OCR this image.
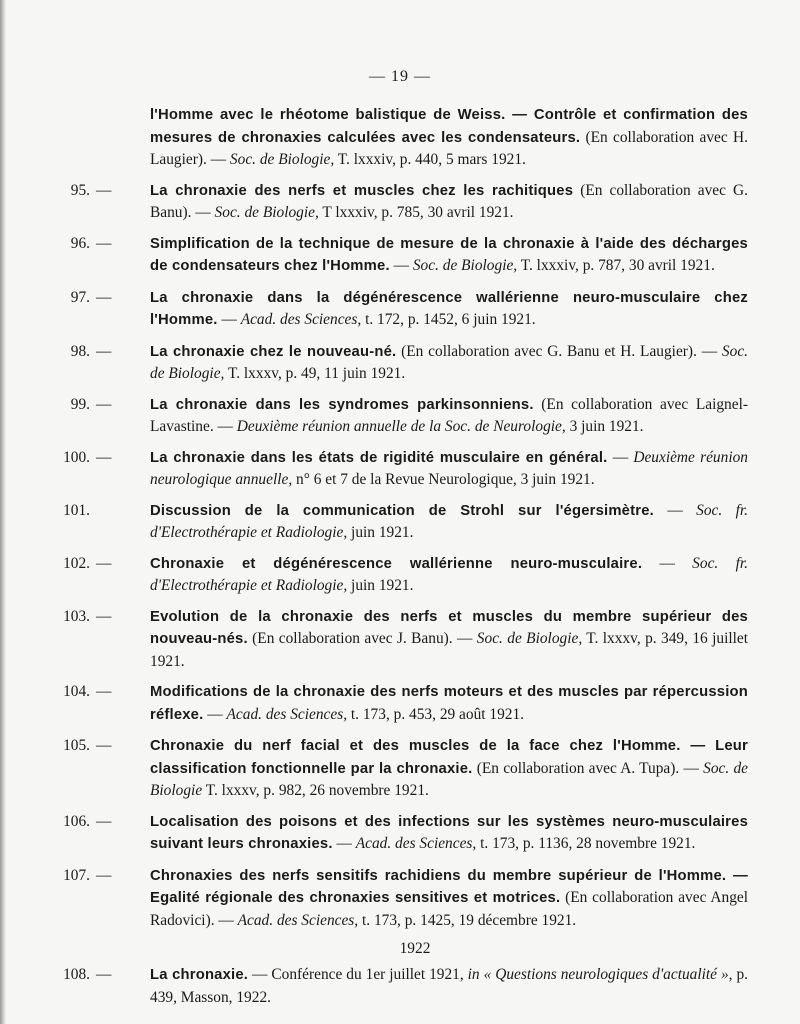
— 19 —
l'Homme avec le rhéotome balistique de Weiss. — Contrôle et confirmation des mesures de chronaxies calculées avec les condensateurs. (En collaboration avec H. Laugier). — Soc. de Biologie, T. lxxxiv, p. 440, 5 mars 1921.
95. —	La chronaxie des nerfs et muscles chez les rachitiques (En collaboration avec G. Banu). — Soc. de Biologie, T lxxxiv, p. 785, 30 avril 1921.
96. —	Simplification de la technique de mesure de la chronaxie à l'aide des décharges de condensateurs chez l'Homme. — Soc. de Biologie, T. lxxxiv, p. 787, 30 avril 1921.
97. —	La chronaxie dans la dégénérescence wallérienne neuro-musculaire chez l'Homme. — Acad. des Sciences, t. 172, p. 1452, 6 juin 1921.
98. —	La chronaxie chez le nouveau-né. (En collaboration avec G. Banu et H. Laugier). — Soc. de Biologie, T. lxxxv, p. 49, 11 juin 1921.
99. —	La chronaxie dans les syndromes parkinsonniens. (En collaboration avec Laignel-Lavastine. — Deuxième réunion annuelle de la Soc. de Neurologie, 3 juin 1921.
100. —	La chronaxie dans les états de rigidité musculaire en général. — Deuxième réunion neurologique annuelle, n° 6 et 7 de la Revue Neurologique, 3 juin 1921.
101.	Discussion de la communication de Strohl sur l'égersimètre. — Soc. fr. d'Electrothérapie et Radiologie, juin 1921.
102. —	Chronaxie et dégénérescence wallérienne neuro-musculaire. — Soc. fr. d'Electrothérapie et Radiologie, juin 1921.
103. —	Evolution de la chronaxie des nerfs et muscles du membre supérieur des nouveau-nés. (En collaboration avec J. Banu). — Soc. de Biologie, T. lxxxv, p. 349, 16 juillet 1921.
104. —	Modifications de la chronaxie des nerfs moteurs et des muscles par répercussion réflexe. — Acad. des Sciences, t. 173, p. 453, 29 août 1921.
105. —	Chronaxie du nerf facial et des muscles de la face chez l'Homme. — Leur classification fonctionnelle par la chronaxie. (En collaboration avec A. Tupa). — Soc. de Biologie T. lxxxv, p. 982, 26 novembre 1921.
106. —	Localisation des poisons et des infections sur les systèmes neuro-musculaires suivant leurs chronaxies. — Acad. des Sciences, t. 173, p. 1136, 28 novembre 1921.
107. —	Chronaxies des nerfs sensitifs rachidiens du membre supérieur de l'Homme. — Egalité régionale des chronaxies sensitives et motrices. (En collaboration avec Angel Radovici). — Acad. des Sciences, t. 173, p. 1425, 19 décembre 1921.
1922
108. —	La chronaxie. — Conférence du 1er juillet 1921, in « Questions neurologiques d'actualité », p. 439, Masson, 1922.
